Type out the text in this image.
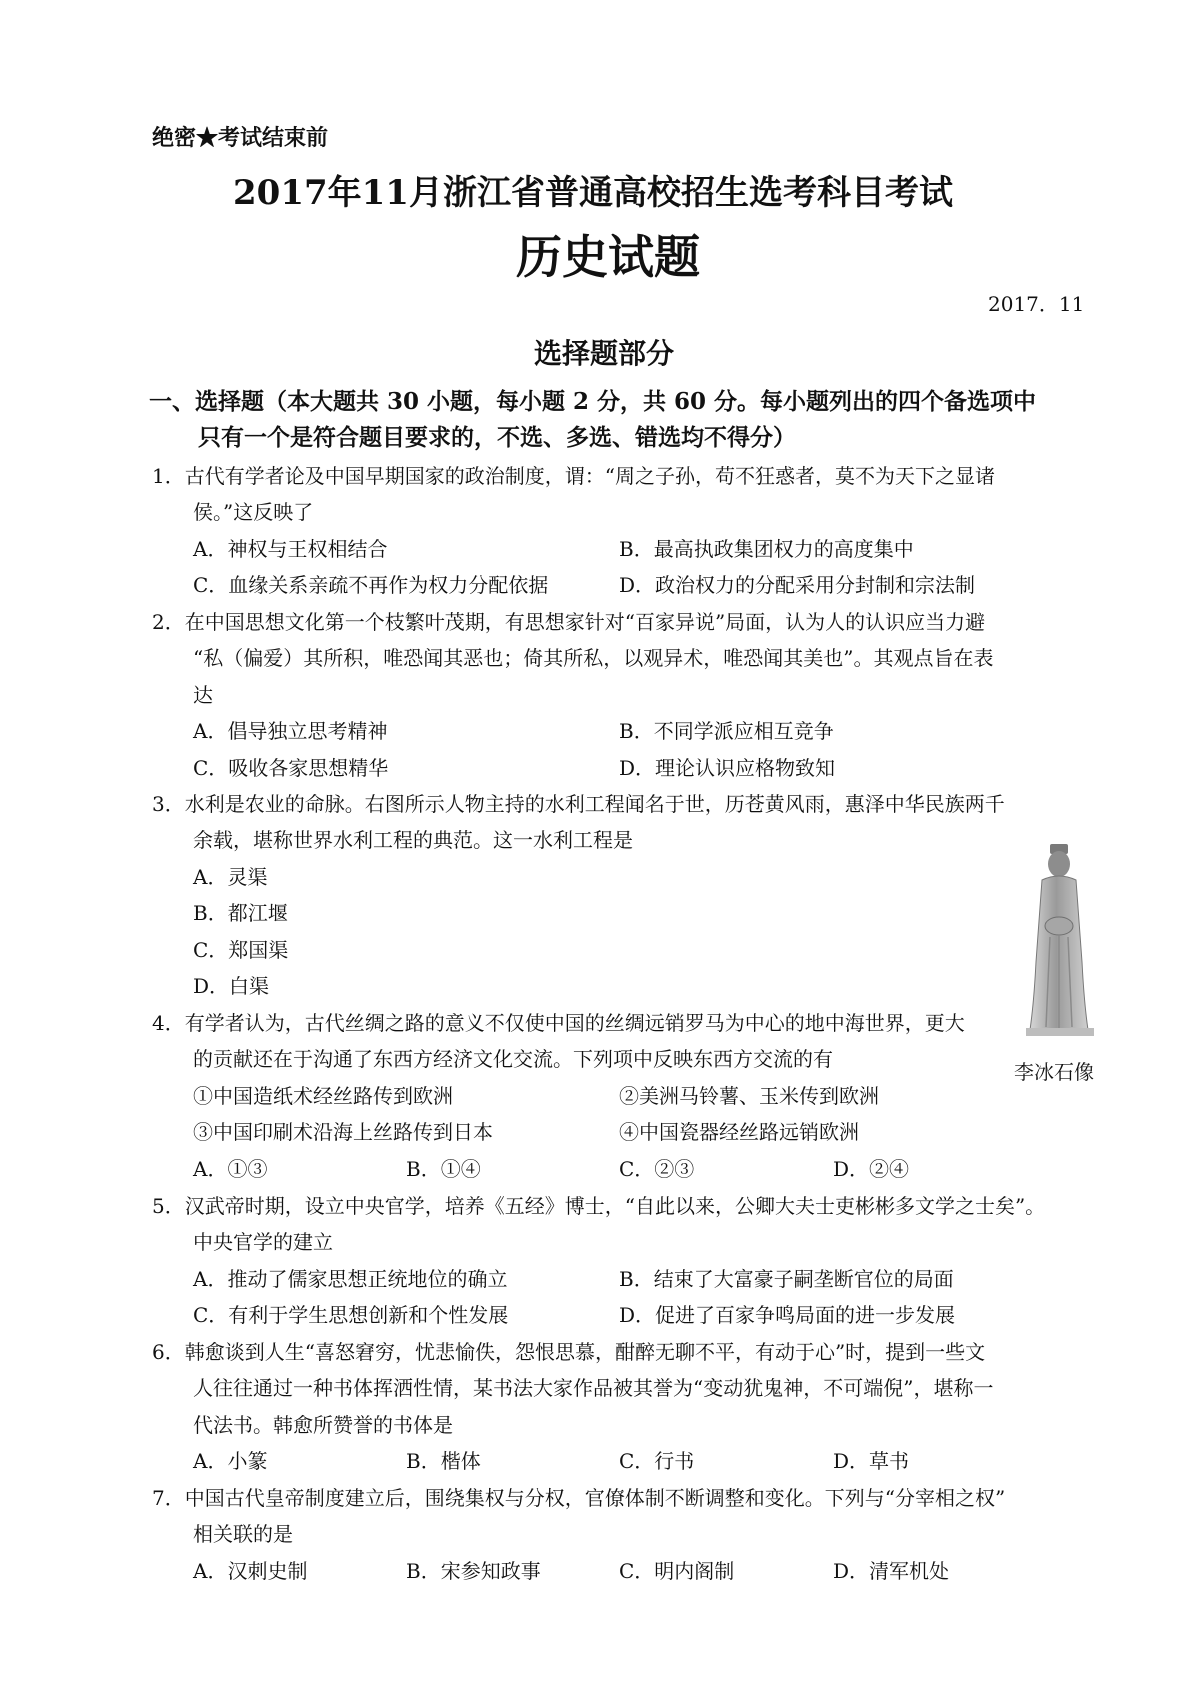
绝密★考试结束前
2017年11月浙江省普通高校招生选考科目考试
历史试题
2017．11
选择题部分
一、选择题（本大题共 30 小题，每小题 2 分，共 60 分。每小题列出的四个备选项中
只有一个是符合题目要求的，不选、多选、错选均不得分）
1．古代有学者论及中国早期国家的政治制度，谓：“周之子孙，苟不狂惑者，莫不为天下之显诸
侯。”这反映了
A．神权与王权相结合	B．最高执政集团权力的高度集中
C．血缘关系亲疏不再作为权力分配依据	D．政治权力的分配采用分封制和宗法制
2．在中国思想文化第一个枝繁叶茂期，有思想家针对“百家异说”局面，认为人的认识应当力避
“私（偏爱）其所积，唯恐闻其恶也；倚其所私，以观异术，唯恐闻其美也”。其观点旨在表
达
A．倡导独立思考精神	B．不同学派应相互竞争
C．吸收各家思想精华	D．理论认识应格物致知
3．水利是农业的命脉。右图所示人物主持的水利工程闻名于世，历苍黄风雨，惠泽中华民族两千
余载，堪称世界水利工程的典范。这一水利工程是
A．灵渠
B．都江堰
C．郑国渠
D．白渠
李冰石像
4．有学者认为，古代丝绸之路的意义不仅使中国的丝绸远销罗马为中心的地中海世界，更大
的贡献还在于沟通了东西方经济文化交流。下列项中反映东西方交流的有
①中国造纸术经丝路传到欧洲	②美洲马铃薯、玉米传到欧洲
③中国印刷术沿海上丝路传到日本	④中国瓷器经丝路远销欧洲
A．①③	B．①④	C．②③	D．②④
5．汉武帝时期，设立中央官学，培养《五经》博士，“自此以来，公卿大夫士吏彬彬多文学之士矣”。
中央官学的建立
A．推动了儒家思想正统地位的确立	B．结束了大富豪子嗣垄断官位的局面
C．有利于学生思想创新和个性发展	D．促进了百家争鸣局面的进一步发展
6．韩愈谈到人生“喜怒窘穷，忧悲愉佚，怨恨思慕，酣醉无聊不平，有动于心”时，提到一些文
人往往通过一种书体挥洒性情，某书法大家作品被其誉为“变动犹鬼神，不可端倪”，堪称一
代法书。韩愈所赞誉的书体是
A．小篆	B．楷体	C．行书	D．草书
7．中国古代皇帝制度建立后，围绕集权与分权，官僚体制不断调整和变化。下列与“分宰相之权”
相关联的是
A．汉刺史制	B．宋参知政事	C．明内阁制	D．清军机处
